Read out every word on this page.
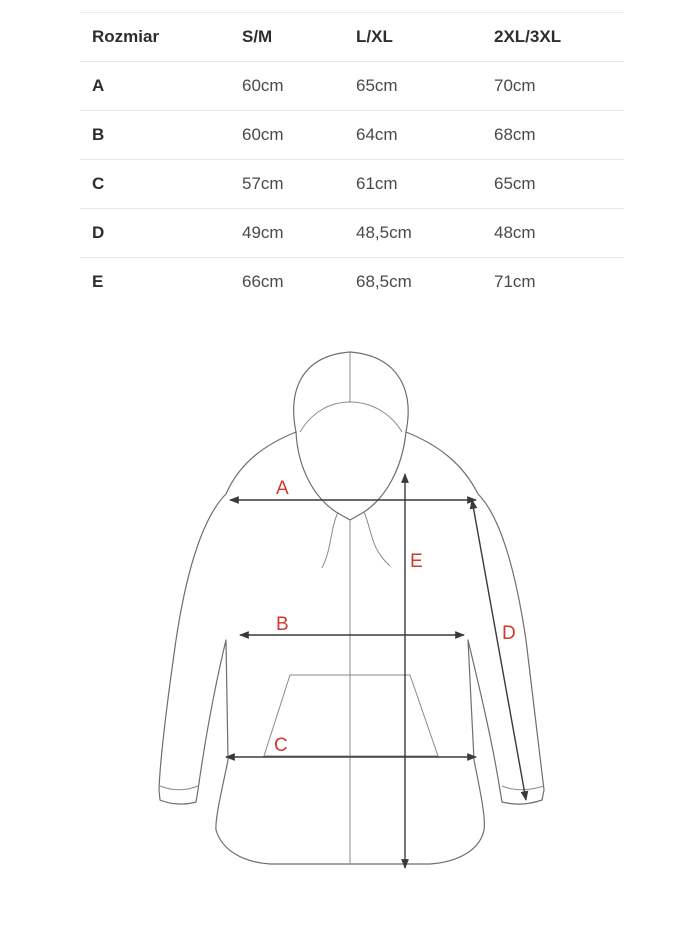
Rozmiar	S/M	L/XL	2XL/3XL
A	60cm	65cm	70cm
B	60cm	64cm	68cm
C	57cm	61cm	65cm
D	49cm	48,5cm	48cm
E	66cm	68,5cm	71cm
A
B
C
D
E
